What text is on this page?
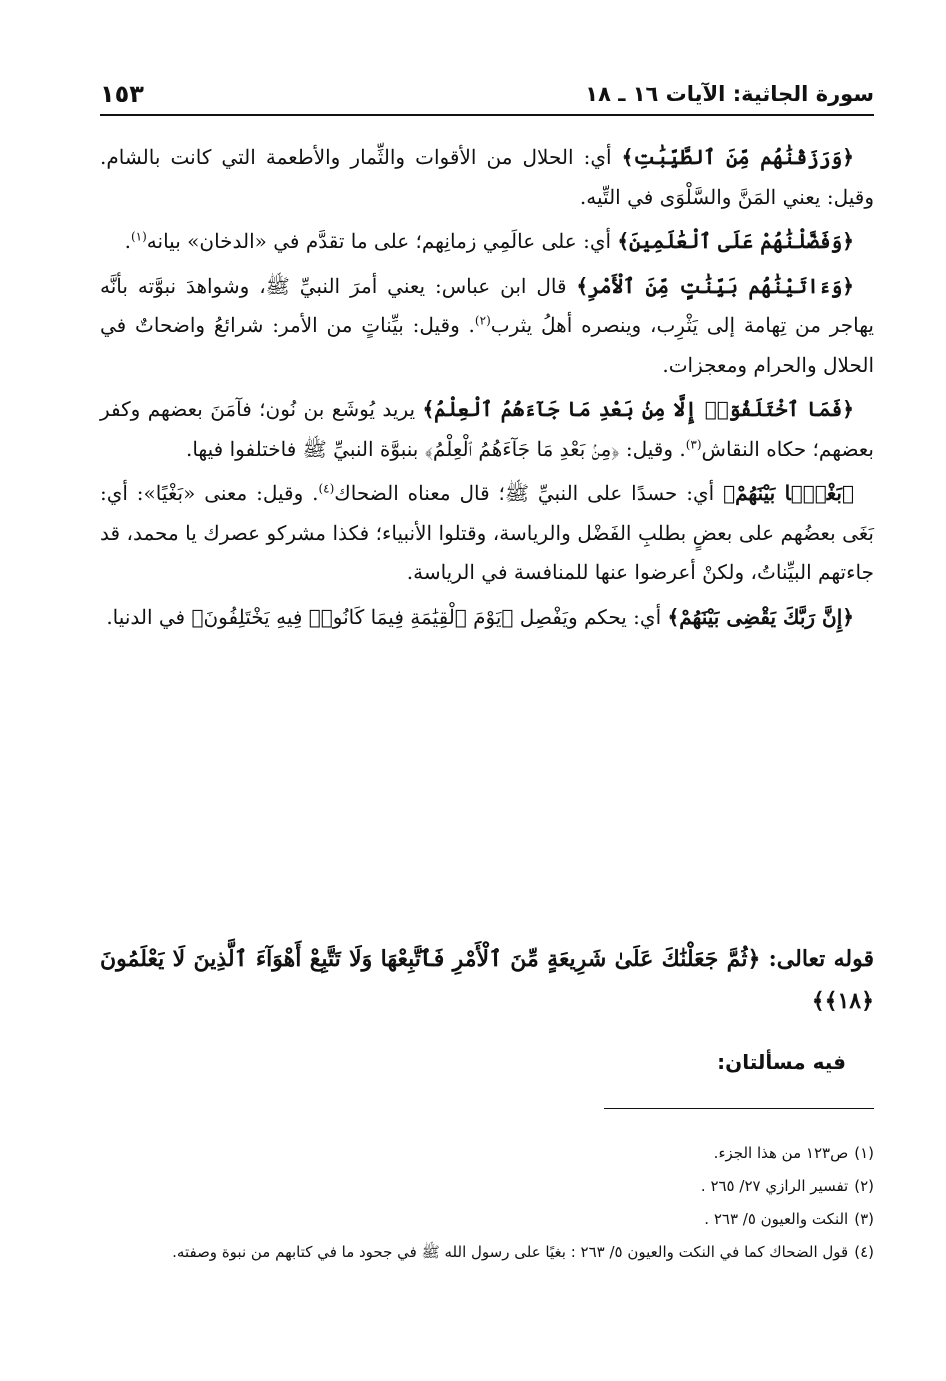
سورة الجاثية: الآيات ١٦ ـ ١٨
١٥٣

﴿وَرَزَقْنَٰهُم مِّنَ ٱلطَّيِّبَٰتِ﴾ أي: الحلال من الأقوات والثِّمار والأطعمة التي كانت بالشام. وقيل: يعني المَنَّ والسَّلْوَى في التِّيه.

﴿وَفَضَّلْنَٰهُمْ عَلَى ٱلْعَٰلَمِينَ﴾ أي: على عالَمِي زمانِهم؛ على ما تقدَّم في «الدخان» بيانه$^{(١)}$.

﴿وَءَاتَيْنَٰهُم بَيِّنَٰتٍ مِّنَ ٱلْأَمْرِ﴾ قال ابن عباس: يعني أمرَ النبيِّ ﷺ، وشواهدَ نبوَّته بأنَّه يهاجر من تِهامة إلى يَثْرِب، وينصره أهلُ يثرب$^{(٢)}$. وقيل: بيِّناتٍ من الأمر: شرائعُ واضحاتٌ في الحلال والحرام ومعجزات.

﴿فَمَا ٱخْتَلَفُوٓا۟ إِلَّا مِنۢ بَعْدِ مَا جَآءَهُمُ ٱلْعِلْمُ﴾ يريد يُوشَع بن نُون؛ فآمَنَ بعضهم وكفر بعضهم؛ حكاه النقاش$^{(٣)}$. وقيل: ﴿مِنۢ بَعْدِ مَا جَآءَهُمُ ٱلْعِلْمُ﴾ بنبوَّة النبيِّ ﷺ فاختلفوا فيها.

﴿بَغْيًۢا بَيْنَهُمْ﴾ أي: حسدًا على النبيِّ ﷺ؛ قال معناه الضحاك$^{(٤)}$. وقيل: معنى «بَغْيًا»: أي: بَغَى بعضُهم على بعضٍ بطلبِ الفَضْل والرياسة، وقتلوا الأنبياء؛ فكذا مشركو عصرك يا محمد، قد جاءتهم البيِّناتُ، ولكنْ أعرضوا عنها للمنافسة في الرياسة.

﴿إِنَّ رَبَّكَ يَقْضِى بَيْنَهُمْ﴾ أي: يحكم ويَفْصِل ﴿يَوْمَ ٱلْقِيَٰمَةِ فِيمَا كَانُوا۟ فِيهِ يَخْتَلِفُونَ﴾ في الدنيا.

قوله تعالى: ﴿ثُمَّ جَعَلْنَٰكَ عَلَىٰ شَرِيعَةٍ مِّنَ ٱلْأَمْرِ فَٱتَّبِعْهَا وَلَا تَتَّبِعْ أَهْوَآءَ ٱلَّذِينَ لَا يَعْلَمُونَ ﴿١٨﴾﴾
فيه مسألتان:
(١)ص١٢٣ من هذا الجزء.
(٢)تفسير الرازي ٢٧/ ٢٦٥ .
(٣)النكت والعيون ٥/ ٢٦٣ .
(٤)قول الضحاك كما في النكت والعيون ٥/ ٢٦٣ : بغيًا على رسول الله ﷺ في جحود ما في كتابهم من نبوة وصفته.
